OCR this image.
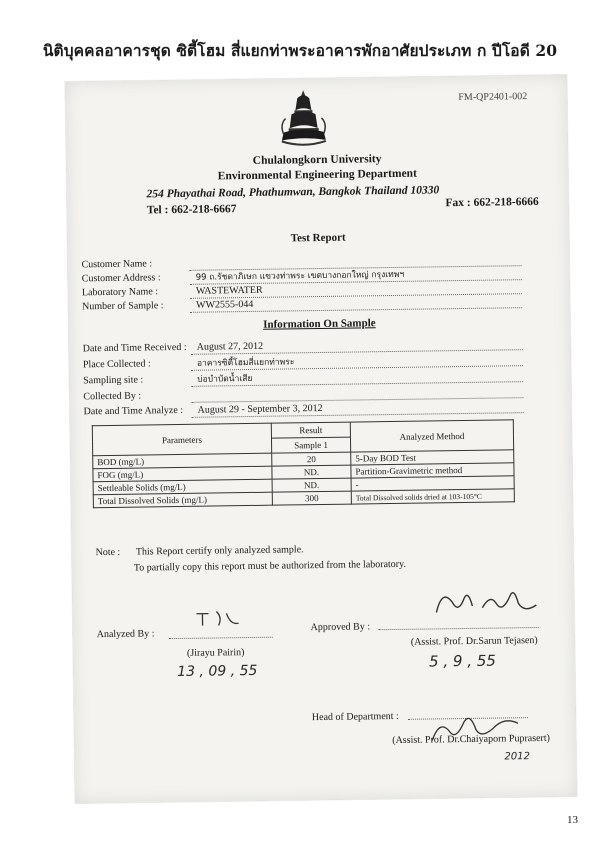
นิติบุคคลอาคารชุด ซิตี้โฮม สี่แยกท่าพระอาคารพักอาศัยประเภท ก ปีโอดี 20
FM-QP2401-002
Chulalongkorn University
Environmental Engineering Department
254 Phayathai Road, Phathumwan, Bangkok Thailand 10330
Tel : 662-218-6667
Fax : 662-218-6666
Test Report
Customer Name :
Customer Address :	99 ถ.รัชดาภิเษก แขวงท่าพระ เขตบางกอกใหญ่ กรุงเทพฯ
Laboratory Name :	WASTEWATER
Number of Sample :	WW2555-044
Information On Sample
Date and Time Received : August 27, 2012
Place Collected :	อาคารซิตี้โฮมสี่แยกท่าพระ
Sampling site :	บ่อบำบัดน้ำเสีย
Collected By :
Date and Time Analyze :	August 29 - September 3, 2012
Parameters	Result	Analyzed Method
	Sample 1	
BOD (mg/L)	20	5-Day BOD Test
FOG (mg/L)	ND.	Partition-Gravimetric method
Settleable Solids (mg/L)	ND.	-
Total Dissolved Solids (mg/L)	300	Total Dissolved solids dried at 103-105°C
Note : This Report certify only analyzed sample.
To partially copy this report must be authorized from the laboratory.
Analyzed By :
(Jirayu Pairin)
13 , 09 , 55
Approved By :
(Assist. Prof. Dr.Sarun Tejasen)
5 , 9 , 55
Head of Department :
(Assist. Prof. Dr.Chaiyaporn Puprasert)
2012
13
